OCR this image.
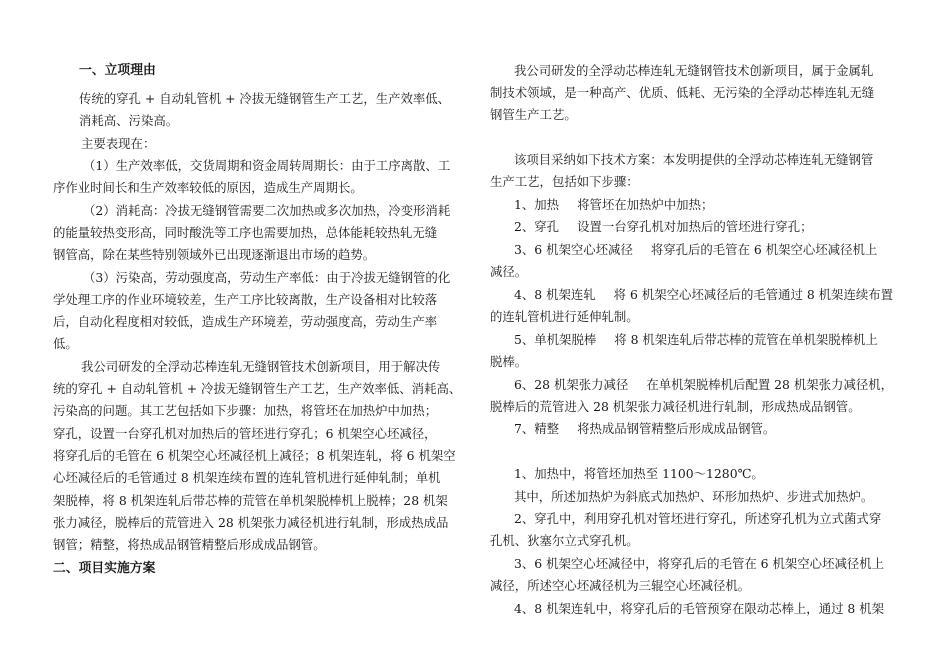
一、立项理由
传统的穿孔 + 自动轧管机 + 冷拔无缝钢管生产工艺，生产效率低、
消耗高、污染高。
主要表现在：
（1）生产效率低，交货周期和资金周转周期长：由于工序离散、工
序作业时间长和生产效率较低的原因，造成生产周期长。
（2）消耗高：冷拔无缝钢管需要二次加热或多次加热，冷变形消耗
的能量较热变形高，同时酸洗等工序也需要加热，总体能耗较热轧无缝
钢管高，除在某些特别领域外已出现逐渐退出市场的趋势。
（3）污染高，劳动强度高，劳动生产率低：由于冷拔无缝钢管的化
学处理工序的作业环境较差，生产工序比较离散，生产设备相对比较落
后，自动化程度相对较低，造成生产环境差，劳动强度高，劳动生产率
低。
我公司研发的全浮动芯棒连轧无缝钢管技术创新项目，用于解决传
统的穿孔 + 自动轧管机 + 冷拔无缝钢管生产工艺，生产效率低、消耗高、
污染高的问题。其工艺包括如下步骤：加热，将管坯在加热炉中加热；
穿孔，设置一台穿孔机对加热后的管坯进行穿孔；6 机架空心坯减径，
将穿孔后的毛管在 6 机架空心坯减径机上减径；8 机架连轧，将 6 机架空
心坯减径后的毛管通过 8 机架连续布置的连轧管机进行延伸轧制；单机
架脱棒，将 8 机架连轧后带芯棒的荒管在单机架脱棒机上脱棒；28 机架
张力减径，脱棒后的荒管进入 28 机架张力减径机进行轧制，形成热成品
钢管；精整，将热成品钢管精整后形成成品钢管。
二、项目实施方案
我公司研发的全浮动芯棒连轧无缝钢管技术创新项目，属于金属轧
制技术领域，是一种高产、优质、低耗、无污染的全浮动芯棒连轧无缝
钢管生产工艺。
该项目采纳如下技术方案：本发明提供的全浮动芯棒连轧无缝钢管
生产工艺，包括如下步骤：
1、加热 将管坯在加热炉中加热；
2、穿孔 设置一台穿孔机对加热后的管坯进行穿孔；
3、6 机架空心坯减径 将穿孔后的毛管在 6 机架空心坯减径机上
减径。
4、8 机架连轧 将 6 机架空心坯减径后的毛管通过 8 机架连续布置
的连轧管机进行延伸轧制。
5、单机架脱棒 将 8 机架连轧后带芯棒的荒管在单机架脱棒机上
脱棒。
6、28 机架张力减径 在单机架脱棒机后配置 28 机架张力减径机，
脱棒后的荒管进入 28 机架张力减径机进行轧制，形成热成品钢管。
7、精整 将热成品钢管精整后形成成品钢管。
1、加热中，将管坯加热至 1100～1280℃。
其中，所述加热炉为斜底式加热炉、环形加热炉、步进式加热炉。
2、穿孔中，利用穿孔机对管坯进行穿孔，所述穿孔机为立式菌式穿
孔机、狄塞尔立式穿孔机。
3、6 机架空心坯减径中，将穿孔后的毛管在 6 机架空心坯减径机上
减径，所述空心坯减径机为三辊空心坯减径机。
4、8 机架连轧中，将穿孔后的毛管预穿在限动芯棒上，通过 8 机架
